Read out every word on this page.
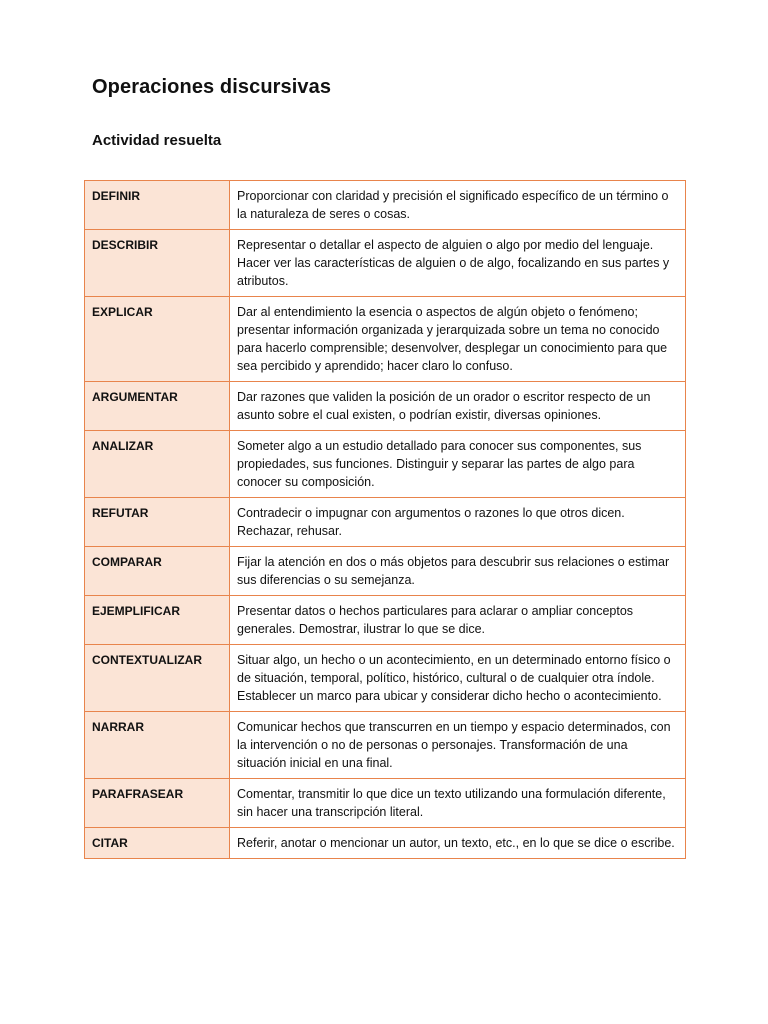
Operaciones discursivas
Actividad resuelta
DEFINIR	Proporcionar con claridad y precisión el significado específico de un término o la naturaleza de seres o cosas.
DESCRIBIR	Representar o detallar el aspecto de alguien o algo por medio del lenguaje. Hacer ver las características de alguien o de algo, focalizando en sus partes y atributos.
EXPLICAR	Dar al entendimiento la esencia o aspectos de algún objeto o fenómeno; presentar información organizada y jerarquizada sobre un tema no conocido para hacerlo comprensible; desenvolver, desplegar un conocimiento para que sea percibido y aprendido; hacer claro lo confuso.
ARGUMENTAR	Dar razones que validen la posición de un orador o escritor respecto de un asunto sobre el cual existen, o podrían existir, diversas opiniones.
ANALIZAR	Someter algo a un estudio detallado para conocer sus componentes, sus propiedades, sus funciones. Distinguir y separar las partes de algo para conocer su composición.
REFUTAR	Contradecir o impugnar con argumentos o razones lo que otros dicen. Rechazar, rehusar.
COMPARAR	Fijar la atención en dos o más objetos para descubrir sus relaciones o estimar sus diferencias o su semejanza.
EJEMPLIFICAR	Presentar datos o hechos particulares para aclarar o ampliar conceptos generales. Demostrar, ilustrar lo que se dice.
CONTEXTUALIZAR	Situar algo, un hecho o un acontecimiento, en un determinado entorno físico o de situación, temporal, político, histórico, cultural o de cualquier otra índole. Establecer un marco para ubicar y considerar dicho hecho o acontecimiento.
NARRAR	Comunicar hechos que transcurren en un tiempo y espacio determinados, con la intervención o no de personas o personajes. Transformación de una situación inicial en una final.
PARAFRASEAR	Comentar, transmitir lo que dice un texto utilizando una formulación diferente, sin hacer una transcripción literal.
CITAR	Referir, anotar o mencionar un autor, un texto, etc., en lo que se dice o escribe.
